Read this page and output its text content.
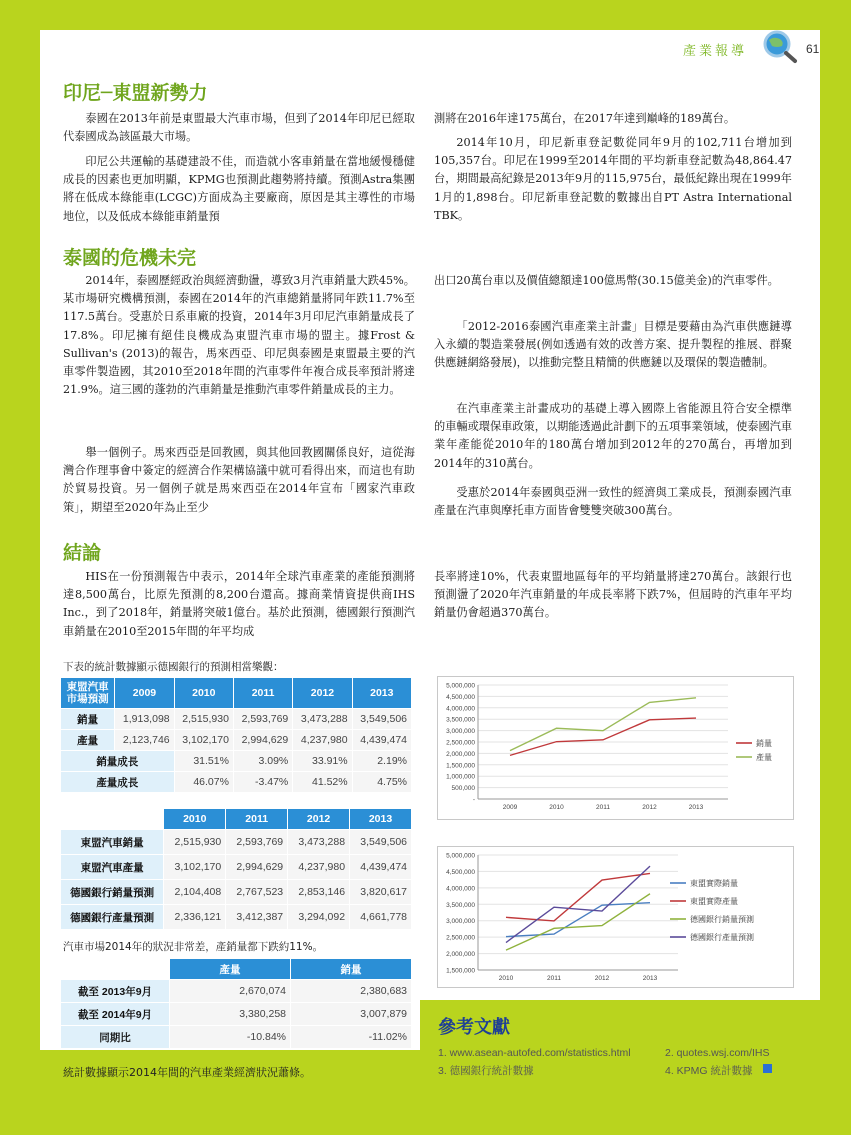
產業報導	61
印尼─東盟新勢力

泰國在2013年前是東盟最大汽車市場，但到了2014年印尼已經取代泰國成為該區最大市場。

印尼公共運輸的基礎建設不佳，而造就小客車銷量在當地緩慢穩健成長的因素也更加明顯，KPMG也預測此趨勢將持續。預測Astra集團將在低成本綠能車(LCGC)方面成為主要廠商，原因是其主導性的市場地位，以及低成本綠能車銷量預

測將在2016年達175萬台，在2017年達到巔峰的189萬台。

2014年10月，印尼新車登記數從同年9月的102,711台增加到105,357台。印尼在1999至2014年間的平均新車登記數為48,864.47台，期間最高紀錄是2013年9月的115,975台，最低紀錄出現在1999年1月的1,898台。印尼新車登記數的數據出自PT Astra International TBK。

泰國的危機未完

2014年，泰國歷經政治與經濟動盪，導致3月汽車銷量大跌45%。某市場研究機構預測，泰國在2014年的汽車總銷量將同年跌11.7%至117.5萬台。受惠於日系車廠的投資，2014年3月印尼汽車銷量成長了17.8%。印尼擁有絕佳良機成為東盟汽車市場的盟主。據Frost & Sullivan's (2013)的報告，馬來西亞、印尼與泰國是東盟最主要的汽車零件製造國，其2010至2018年間的汽車零件年複合成長率預計將達21.9%。這三國的蓬勃的汽車銷量是推動汽車零件銷量成長的主力。

舉一個例子。馬來西亞是回教國，與其他回教國關係良好，這從海灣合作理事會中簽定的經濟合作架構協議中就可看得出來，而這也有助於貿易投資。另一個例子就是馬來西亞在2014年宣布「國家汽車政策」，期望至2020年為止至少

出口20萬台車以及價值總額達100億馬幣(30.15億美金)的汽車零件。

「2012-2016泰國汽車產業主計畫」目標是要藉由為汽車供應鏈導入永續的製造業發展(例如透過有效的改善方案、提升製程的推展、群聚供應鏈網絡發展)，以推動完整且精簡的供應鏈以及環保的製造體制。

在汽車產業主計畫成功的基礎上導入國際上省能源且符合安全標準的車輛或環保車政策，以期能透過此計劃下的五項事業領域，使泰國汽車業年產能從2010年的180萬台增加到2012年的270萬台，再增加到2014年的310萬台。

受惠於2014年泰國與亞洲一致性的經濟與工業成長，預測泰國汽車產量在汽車與摩托車方面皆會雙雙突破300萬台。

結論

HIS在一份預測報告中表示，2014年全球汽車產業的產能預測將達8,500萬台，比原先預測的8,200台還高。據商業情資提供商IHS Inc.，到了2018年，銷量將突破1億台。基於此預測，德國銀行預測汽車銷量在2010至2015年間的年平均成

長率將達10%，代表東盟地區每年的平均銷量將達270萬台。該銀行也預測盪了2020年汽車銷量的年成長率將下跌7%，但屆時的汽車年平均銷量仍會超過370萬台。

下表的統計數據顯示德國銀行的預測相當樂觀：
東盟汽車
市場預測	2009	2010	2011	2012	2013
銷量	1,913,098	2,515,930	2,593,769	3,473,288	3,549,506
產量	2,123,746	3,102,170	2,994,629	4,237,980	4,439,474
銷量成長		31.51%	3.09%	33.91%	2.19%
產量成長		46.07%	-3.47%	41.52%	4.75%
	2010	2011	2012	2013
東盟汽車銷量	2,515,930	2,593,769	3,473,288	3,549,506
東盟汽車產量	3,102,170	2,994,629	4,237,980	4,439,474
德國銀行銷量預測	2,104,408	2,767,523	2,853,146	3,820,617
德國銀行產量預測	2,336,121	3,412,387	3,294,092	4,661,778
汽車市場2014年的狀況非常差，產銷量都下跌約11%。
	產量	銷量
截至 2013年9月	2,670,074	2,380,683
截至 2014年9月	3,380,258	3,007,879
同期比	-10.84%	-11.02%
統計數據顯示2014年間的汽車產業經濟狀況蕭條。
5,000,000
4,500,000
4,000,000
3,500,000
3,000,000
2,500,000
2,000,000
1,500,000
1,000,000
500,000
-
2009	2010	2011	2012	2013
銷量
產量
5,000,000
4,500,000
4,000,000
3,500,000
3,000,000
2,500,000
2,000,000
1,500,000
2010	2011	2012	2013
東盟實際銷量
東盟實際產量
德國銀行銷量預測
德國銀行產量預測
參考文獻
1. www.asean-autofed.com/statistics.html	2. quotes.wsj.com/IHS
3. 德國銀行統計數據	4. KPMG 統計數據
